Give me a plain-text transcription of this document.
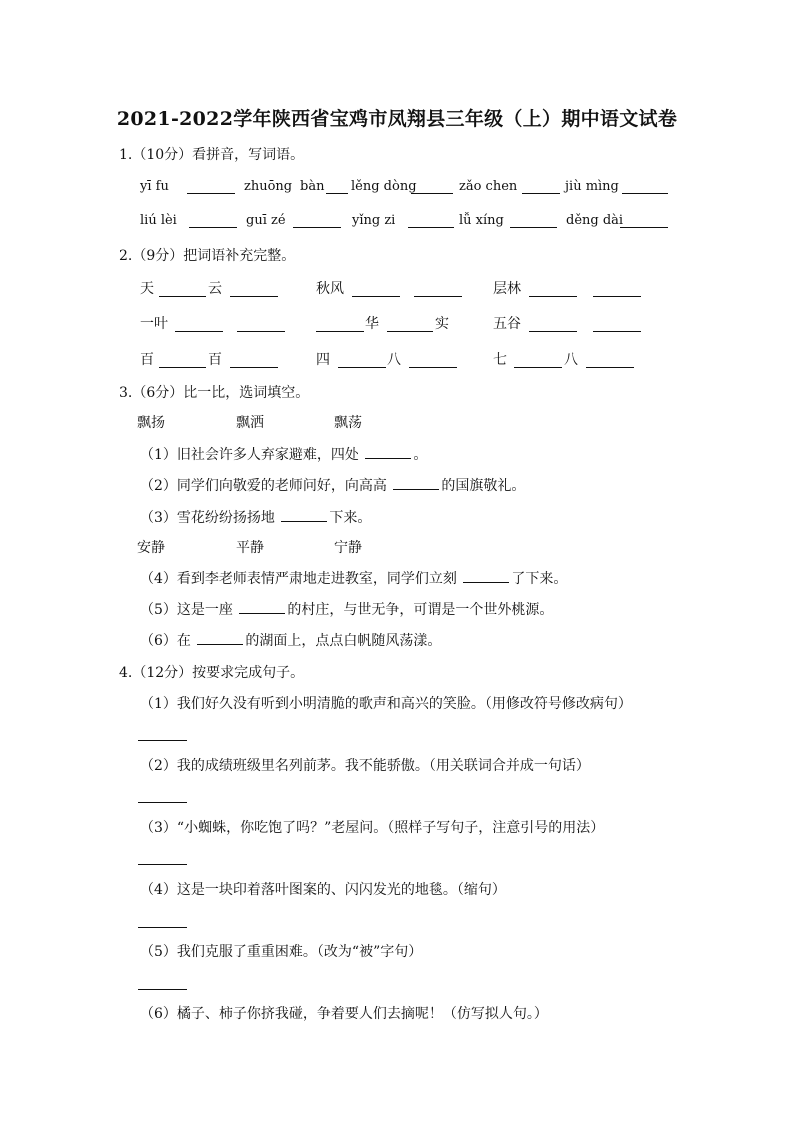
2021-2022学年陕西省宝鸡市凤翔县三年级（上）期中语文试卷
1.（10分）看拼音，写词语。
yī fu	zhuōng bàn lěng dòng	zǎo chen	jiù mìng
liú lèi	guī zé	yǐng zi	lǚ xíng	děng dài
2.（9分）把词语补充完整。
天	云	秋风	层林
一叶	华	实	五谷
百	百	四	八	七	八
3.（6分）比一比，选词填空。
飘扬	飘洒	飘荡
（1）旧社会许多人弃家避难，四处	。
（2）同学们向敬爱的老师问好，向高高	的国旗敬礼。
（3）雪花纷纷扬扬地	下来。
安静	平静	宁静
（4）看到李老师表情严肃地走进教室，同学们立刻	了下来。
（5）这是一座	的村庄，与世无争，可谓是一个世外桃源。
（6）在	的湖面上，点点白帆随风荡漾。
4.（12分）按要求完成句子。
（1）我们好久没有听到小明清脆的歌声和高兴的笑脸。（用修改符号修改病句）
（2）我的成绩班级里名列前茅。我不能骄傲。（用关联词合并成一句话）
（3）“小蜘蛛，你吃饱了吗？”老屋问。（照样子写句子，注意引号的用法）
（4）这是一块印着落叶图案的、闪闪发光的地毯。（缩句）
（5）我们克服了重重困难。（改为“被”字句）
（6）橘子、柿子你挤我碰，争着要人们去摘呢！（仿写拟人句。）
